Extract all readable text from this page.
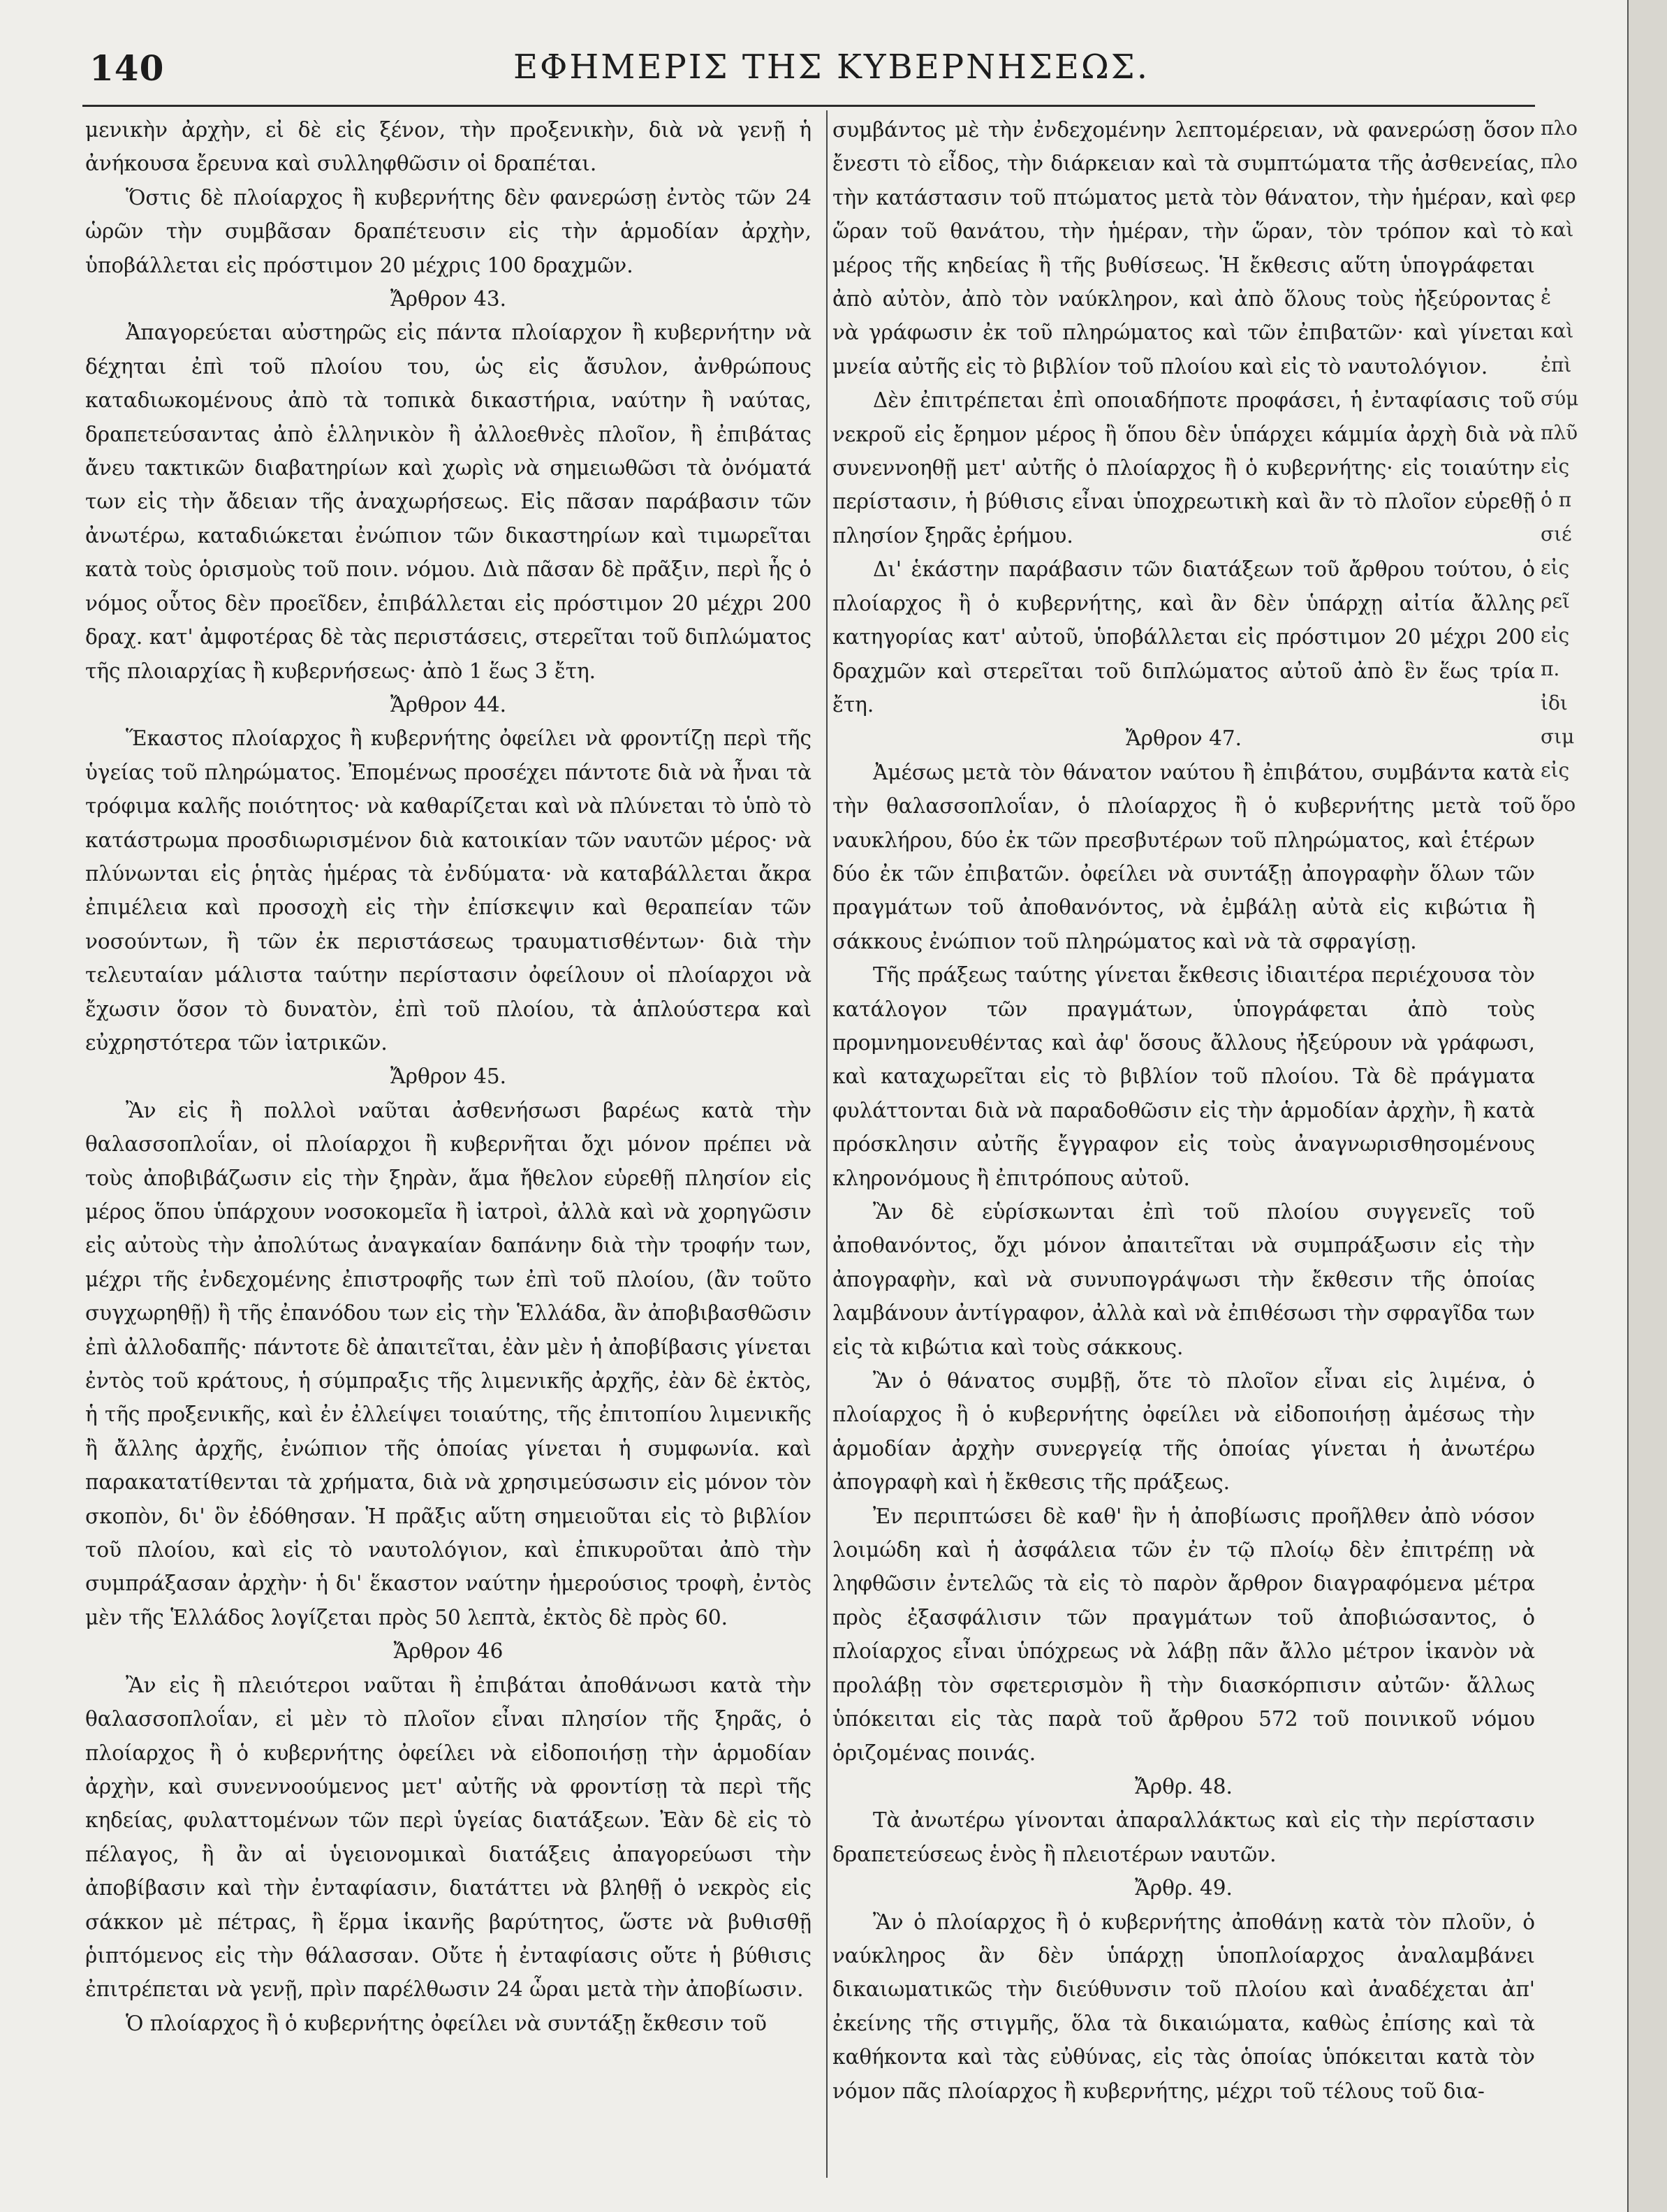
140	ΕΦΗΜΕΡΙΣ ΤΗΣ ΚΥΒΕΡΝΗΣΕΩΣ.

μενικὴν ἀρχὴν, εἰ δὲ εἰς ξένον, τὴν προξενικὴν, διὰ νὰ γενῇ ἡ ἀνήκουσα ἔρευνα καὶ συλληφθῶσιν οἱ δραπέται.

Ὅστις δὲ πλοίαρχος ἢ κυβερνήτης δὲν φανερώσῃ ἐντὸς τῶν 24 ὡρῶν τὴν συμβᾶσαν δραπέτευσιν εἰς τὴν ἁρμοδίαν ἀρχὴν, ὑποβάλλεται εἰς πρόστιμον 20 μέχρις 100 δραχμῶν.

Ἄρθρον 43.

Ἀπαγορεύεται αὐστηρῶς εἰς πάντα πλοίαρχον ἢ κυβερνήτην νὰ δέχηται ἐπὶ τοῦ πλοίου του, ὡς εἰς ἄσυλον, ἀνθρώπους καταδιωκομένους ἀπὸ τὰ τοπικὰ δικαστήρια, ναύτην ἢ ναύτας, δραπετεύσαντας ἀπὸ ἑλληνικὸν ἢ ἀλλοεθνὲς πλοῖον, ἢ ἐπιβάτας ἄνευ τακτικῶν διαβατηρίων καὶ χωρὶς νὰ σημειωθῶσι τὰ ὀνόματά των εἰς τὴν ἄδειαν τῆς ἀναχωρήσεως. Εἰς πᾶσαν παράβασιν τῶν ἀνωτέρω, καταδιώκεται ἐνώπιον τῶν δικαστηρίων καὶ τιμωρεῖται κατὰ τοὺς ὁρισμοὺς τοῦ ποιν. νόμου. Διὰ πᾶσαν δὲ πρᾶξιν, περὶ ἧς ὁ νόμος οὗτος δὲν προεῖδεν, ἐπιβάλλεται εἰς πρόστιμον 20 μέχρι 200 δραχ. κατ' ἀμφοτέρας δὲ τὰς περιστάσεις, στερεῖται τοῦ διπλώματος τῆς πλοιαρχίας ἢ κυβερνήσεως· ἀπὸ 1 ἕως 3 ἔτη.

Ἄρθρον 44.

Ἕκαστος πλοίαρχος ἢ κυβερνήτης ὀφείλει νὰ φροντίζῃ περὶ τῆς ὑγείας τοῦ πληρώματος. Ἐπομένως προσέχει πάντοτε διὰ νὰ ἦναι τὰ τρόφιμα καλῆς ποιότητος· νὰ καθαρίζεται καὶ νὰ πλύνεται τὸ ὑπὸ τὸ κατάστρωμα προσδιωρισμένον διὰ κατοικίαν τῶν ναυτῶν μέρος· νὰ πλύνωνται εἰς ῥητὰς ἡμέρας τὰ ἐνδύματα· νὰ καταβάλλεται ἄκρα ἐπιμέλεια καὶ προσοχὴ εἰς τὴν ἐπίσκεψιν καὶ θεραπείαν τῶν νοσούντων, ἢ τῶν ἐκ περιστάσεως τραυματισθέντων· διὰ τὴν τελευταίαν μάλιστα ταύτην περίστασιν ὀφείλουν οἱ πλοίαρχοι νὰ ἔχωσιν ὅσον τὸ δυνατὸν, ἐπὶ τοῦ πλοίου, τὰ ἁπλούστερα καὶ εὐχρηστότερα τῶν ἰατρικῶν.

Ἄρθρον 45.

Ἂν εἰς ἢ πολλοὶ ναῦται ἀσθενήσωσι βαρέως κατὰ τὴν θαλασσοπλοΐαν, οἱ πλοίαρχοι ἢ κυβερνῆται ὄχι μόνον πρέπει νὰ τοὺς ἀποβιβάζωσιν εἰς τὴν ξηρὰν, ἅμα ἤθελον εὑρεθῇ πλησίον εἰς μέρος ὅπου ὑπάρχουν νοσοκομεῖα ἢ ἰατροὶ, ἀλλὰ καὶ νὰ χορηγῶσιν εἰς αὐτοὺς τὴν ἀπολύτως ἀναγκαίαν δαπάνην διὰ τὴν τροφήν των, μέχρι τῆς ἐνδεχομένης ἐπιστροφῆς των ἐπὶ τοῦ πλοίου, (ἂν τοῦτο συγχωρηθῇ) ἢ τῆς ἐπανόδου των εἰς τὴν Ἑλλάδα, ἂν ἀποβιβασθῶσιν ἐπὶ ἀλλοδαπῆς· πάντοτε δὲ ἀπαιτεῖται, ἐὰν μὲν ἡ ἀποβίβασις γίνεται ἐντὸς τοῦ κράτους, ἡ σύμπραξις τῆς λιμενικῆς ἀρχῆς, ἐὰν δὲ ἐκτὸς, ἡ τῆς προξενικῆς, καὶ ἐν ἐλλείψει τοιαύτης, τῆς ἐπιτοπίου λιμενικῆς ἢ ἄλλης ἀρχῆς, ἐνώπιον τῆς ὁποίας γίνεται ἡ συμφωνία. καὶ παρακατατίθενται τὰ χρήματα, διὰ νὰ χρησιμεύσωσιν εἰς μόνον τὸν σκοπὸν, δι' ὃν ἐδόθησαν. Ἡ πρᾶξις αὕτη σημειοῦται εἰς τὸ βιβλίον τοῦ πλοίου, καὶ εἰς τὸ ναυτολόγιον, καὶ ἐπικυροῦται ἀπὸ τὴν συμπράξασαν ἀρχὴν· ἡ δι' ἕκαστον ναύτην ἡμερούσιος τροφὴ, ἐντὸς μὲν τῆς Ἑλλάδος λογίζεται πρὸς 50 λεπτὰ, ἐκτὸς δὲ πρὸς 60.

Ἄρθρον 46

Ἂν εἰς ἢ πλειότεροι ναῦται ἢ ἐπιβάται ἀποθάνωσι κατὰ τὴν θαλασσοπλοΐαν, εἰ μὲν τὸ πλοῖον εἶναι πλησίον τῆς ξηρᾶς, ὁ πλοίαρχος ἢ ὁ κυβερνήτης ὀφείλει νὰ εἰδοποιήσῃ τὴν ἁρμοδίαν ἀρχὴν, καὶ συνεννοούμενος μετ' αὐτῆς νὰ φροντίσῃ τὰ περὶ τῆς κηδείας, φυλαττομένων τῶν περὶ ὑγείας διατάξεων. Ἐὰν δὲ εἰς τὸ πέλαγος, ἢ ἂν αἱ ὑγειονομικαὶ διατάξεις ἀπαγορεύωσι τὴν ἀποβίβασιν καὶ τὴν ἐνταφίασιν, διατάττει νὰ βληθῇ ὁ νεκρὸς εἰς σάκκον μὲ πέτρας, ἢ ἕρμα ἱκανῆς βαρύτητος, ὥστε νὰ βυθισθῇ ῥιπτόμενος εἰς τὴν θάλασσαν. Οὔτε ἡ ἐνταφίασις οὔτε ἡ βύθισις ἐπιτρέπεται νὰ γενῇ, πρὶν παρέλθωσιν 24 ὧραι μετὰ τὴν ἀποβίωσιν.

Ὁ πλοίαρχος ἢ ὁ κυβερνήτης ὀφείλει νὰ συντάξῃ ἔκθεσιν τοῦ

συμβάντος μὲ τὴν ἐνδεχομένην λεπτομέρειαν, νὰ φανερώσῃ ὅσον ἔνεστι τὸ εἶδος, τὴν διάρκειαν καὶ τὰ συμπτώματα τῆς ἀσθενείας, τὴν κατάστασιν τοῦ πτώματος μετὰ τὸν θάνατον, τὴν ἡμέραν, καὶ ὥραν τοῦ θανάτου, τὴν ἡμέραν, τὴν ὥραν, τὸν τρόπον καὶ τὸ μέρος τῆς κηδείας ἢ τῆς βυθίσεως. Ἡ ἔκθεσις αὕτη ὑπογράφεται ἀπὸ αὐτὸν, ἀπὸ τὸν ναύκληρον, καὶ ἀπὸ ὅλους τοὺς ἠξεύροντας νὰ γράφωσιν ἐκ τοῦ πληρώματος καὶ τῶν ἐπιβατῶν· καὶ γίνεται μνεία αὐτῆς εἰς τὸ βιβλίον τοῦ πλοίου καὶ εἰς τὸ ναυτολόγιον.

Δὲν ἐπιτρέπεται ἐπὶ οποιαδήποτε προφάσει, ἡ ἐνταφίασις τοῦ νεκροῦ εἰς ἔρημον μέρος ἢ ὅπου δὲν ὑπάρχει κάμμία ἀρχὴ διὰ νὰ συνεννοηθῇ μετ' αὐτῆς ὁ πλοίαρχος ἢ ὁ κυβερνήτης· εἰς τοιαύτην περίστασιν, ἡ βύθισις εἶναι ὑποχρεωτικὴ καὶ ἂν τὸ πλοῖον εὑρεθῇ πλησίον ξηρᾶς ἐρήμου.

Δι' ἑκάστην παράβασιν τῶν διατάξεων τοῦ ἄρθρου τούτου, ὁ πλοίαρχος ἢ ὁ κυβερνήτης, καὶ ἂν δὲν ὑπάρχῃ αἰτία ἄλλης κατηγορίας κατ' αὐτοῦ, ὑποβάλλεται εἰς πρόστιμον 20 μέχρι 200 δραχμῶν καὶ στερεῖται τοῦ διπλώματος αὐτοῦ ἀπὸ ἓν ἕως τρία ἔτη.

Ἄρθρον 47.

Ἀμέσως μετὰ τὸν θάνατον ναύτου ἢ ἐπιβάτου, συμβάντα κατὰ τὴν θαλασσοπλοΐαν, ὁ πλοίαρχος ἢ ὁ κυβερνήτης μετὰ τοῦ ναυκλήρου, δύο ἐκ τῶν πρεσβυτέρων τοῦ πληρώματος, καὶ ἑτέρων δύο ἐκ τῶν ἐπιβατῶν. ὀφείλει νὰ συντάξῃ ἀπογραφὴν ὅλων τῶν πραγμάτων τοῦ ἀποθανόντος, νὰ ἐμβάλῃ αὐτὰ εἰς κιβώτια ἢ σάκκους ἐνώπιον τοῦ πληρώματος καὶ νὰ τὰ σφραγίσῃ.

Τῆς πράξεως ταύτης γίνεται ἔκθεσις ἰδιαιτέρα περιέχουσα τὸν κατάλογον τῶν πραγμάτων, ὑπογράφεται ἀπὸ τοὺς προμνημονευθέντας καὶ ἀφ' ὅσους ἄλλους ἠξεύρουν νὰ γράφωσι, καὶ καταχωρεῖται εἰς τὸ βιβλίον τοῦ πλοίου. Τὰ δὲ πράγματα φυλάττονται διὰ νὰ παραδοθῶσιν εἰς τὴν ἁρμοδίαν ἀρχὴν, ἢ κατὰ πρόσκλησιν αὐτῆς ἔγγραφον εἰς τοὺς ἀναγνωρισθησομένους κληρονόμους ἢ ἐπιτρόπους αὐτοῦ.

Ἂν δὲ εὑρίσκωνται ἐπὶ τοῦ πλοίου συγγενεῖς τοῦ ἀποθανόντος, ὄχι μόνον ἀπαιτεῖται νὰ συμπράξωσιν εἰς τὴν ἀπογραφὴν, καὶ νὰ συνυπογράψωσι τὴν ἔκθεσιν τῆς ὁποίας λαμβάνουν ἀντίγραφον, ἀλλὰ καὶ νὰ ἐπιθέσωσι τὴν σφραγῖδα των εἰς τὰ κιβώτια καὶ τοὺς σάκκους.

Ἂν ὁ θάνατος συμβῇ, ὅτε τὸ πλοῖον εἶναι εἰς λιμένα, ὁ πλοίαρχος ἢ ὁ κυβερνήτης ὀφείλει νὰ εἰδοποιήσῃ ἀμέσως τὴν ἁρμοδίαν ἀρχὴν συνεργείᾳ τῆς ὁποίας γίνεται ἡ ἀνωτέρω ἀπογραφὴ καὶ ἡ ἔκθεσις τῆς πράξεως.

Ἐν περιπτώσει δὲ καθ' ἣν ἡ ἀποβίωσις προῆλθεν ἀπὸ νόσον λοιμώδη καὶ ἡ ἀσφάλεια τῶν ἐν τῷ πλοίῳ δὲν ἐπιτρέπῃ νὰ ληφθῶσιν ἐντελῶς τὰ εἰς τὸ παρὸν ἄρθρον διαγραφόμενα μέτρα πρὸς ἐξασφάλισιν τῶν πραγμάτων τοῦ ἀποβιώσαντος, ὁ πλοίαρχος εἶναι ὑπόχρεως νὰ λάβῃ πᾶν ἄλλο μέτρον ἱκανὸν νὰ προλάβῃ τὸν σφετερισμὸν ἢ τὴν διασκόρπισιν αὐτῶν· ἄλλως ὑπόκειται εἰς τὰς παρὰ τοῦ ἄρθρου 572 τοῦ ποινικοῦ νόμου ὁριζομένας ποινάς.

Ἄρθρ. 48.

Τὰ ἀνωτέρω γίνονται ἀπαραλλάκτως καὶ εἰς τὴν περίστασιν δραπετεύσεως ἑνὸς ἢ πλειοτέρων ναυτῶν.

Ἄρθρ. 49.

Ἂν ὁ πλοίαρχος ἢ ὁ κυβερνήτης ἀποθάνῃ κατὰ τὸν πλοῦν, ὁ ναύκληρος ἂν δὲν ὑπάρχῃ ὑποπλοίαρχος ἀναλαμβάνει δικαιωματικῶς τὴν διεύθυνσιν τοῦ πλοίου καὶ ἀναδέχεται ἀπ' ἐκείνης τῆς στιγμῆς, ὅλα τὰ δικαιώματα, καθὼς ἐπίσης καὶ τὰ καθήκοντα καὶ τὰς εὐθύνας, εἰς τὰς ὁποίας ὑπόκειται κατὰ τὸν νόμον πᾶς πλοίαρχος ἢ κυβερνήτης, μέχρι τοῦ τέλους τοῦ δια-

πλο
πλο
φερ
καὶ
ἐ
καὶ
ἐπὶ
σύμ
πλῦ
εἰς
ὁ π
σιέ
εἰς
ρεῖ
εἰς
π.
ἰδι
σιμ
εἰς
ὅρο
